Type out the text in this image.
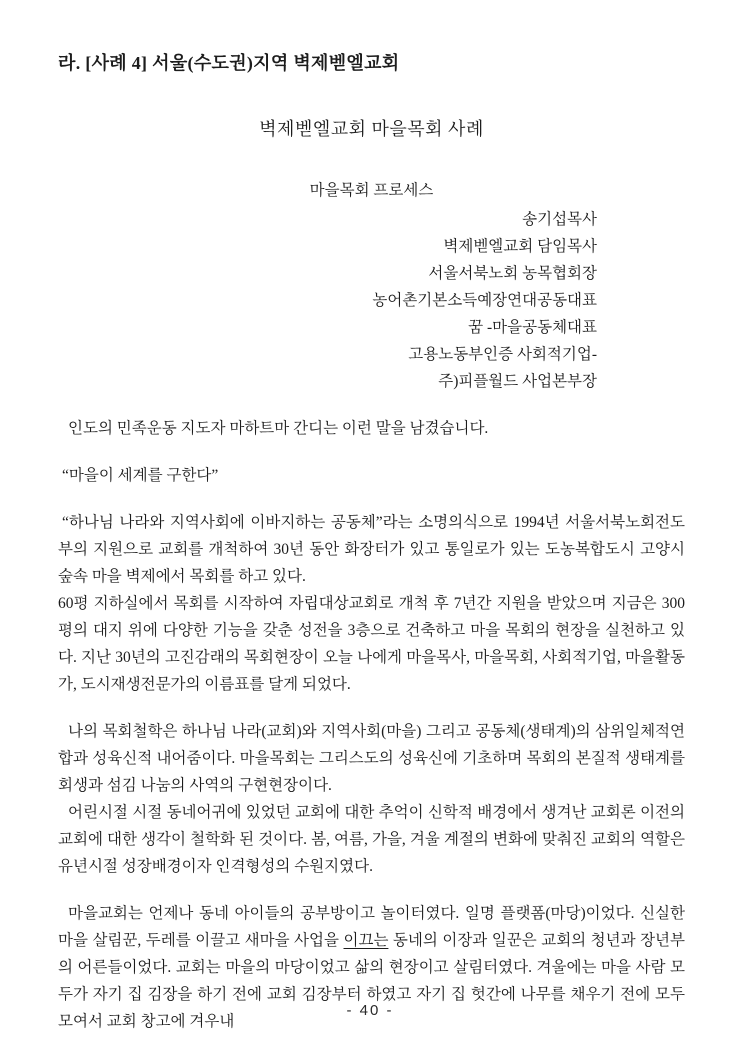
라. [사례 4] 서울(수도권)지역 벽제벧엘교회
벽제벧엘교회 마을목회 사례
마을목회 프로세스
송기섭목사
벽제벧엘교회 담임목사
서울서북노회 농목협회장
농어촌기본소득예장연대공동대표
꿈 -마을공동체대표
고용노동부인증 사회적기업-
주)피플월드 사업본부장

인도의 민족운동 지도자 마하트마 간디는 이런 말을 남겼습니다.

“마을이 세계를 구한다”

“하나님 나라와 지역사회에 이바지하는 공동체”라는 소명의식으로 1994년 서울서북노회전도부의 지원으로 교회를 개척하여 30년 동안 화장터가 있고 통일로가 있는 도농복합도시 고양시 숲속 마을 벽제에서 목회를 하고 있다.

60평 지하실에서 목회를 시작하여 자립대상교회로 개척 후 7년간 지원을 받았으며 지금은 300평의 대지 위에 다양한 기능을 갖춘 성전을 3층으로 건축하고 마을 목회의 현장을 실천하고 있다. 지난 30년의 고진감래의 목회현장이 오늘 나에게 마을목사, 마을목회, 사회적기업, 마을활동가, 도시재생전문가의 이름표를 달게 되었다.

나의 목회철학은 하나님 나라(교회)와 지역사회(마을) 그리고 공동체(생태계)의 삼위일체적연합과 성육신적 내어줌이다. 마을목회는 그리스도의 성육신에 기초하며 목회의 본질적 생태계를 회생과 섬김 나눔의 사역의 구현현장이다.

어린시절 시절 동네어귀에 있었던 교회에 대한 추억이 신학적 배경에서 생겨난 교회론 이전의 교회에 대한 생각이 철학화 된 것이다. 봄, 여름, 가을, 겨울 계절의 변화에 맞춰진 교회의 역할은 유년시절 성장배경이자 인격형성의 수원지였다.

마을교회는 언제나 동네 아이들의 공부방이고 놀이터였다. 일명 플랫폼(마당)이었다. 신실한 마을 살림꾼, 두레를 이끌고 새마을 사업을 이끄는 동네의 이장과 일꾼은 교회의 청년과 장년부의 어른들이었다. 교회는 마을의 마당이었고 삶의 현장이고 살림터였다. 겨울에는 마을 사람 모두가 자기 집 김장을 하기 전에 교회 김장부터 하였고 자기 집 헛간에 나무를 채우기 전에 모두 모여서 교회 창고에 겨우내

- 40 -
